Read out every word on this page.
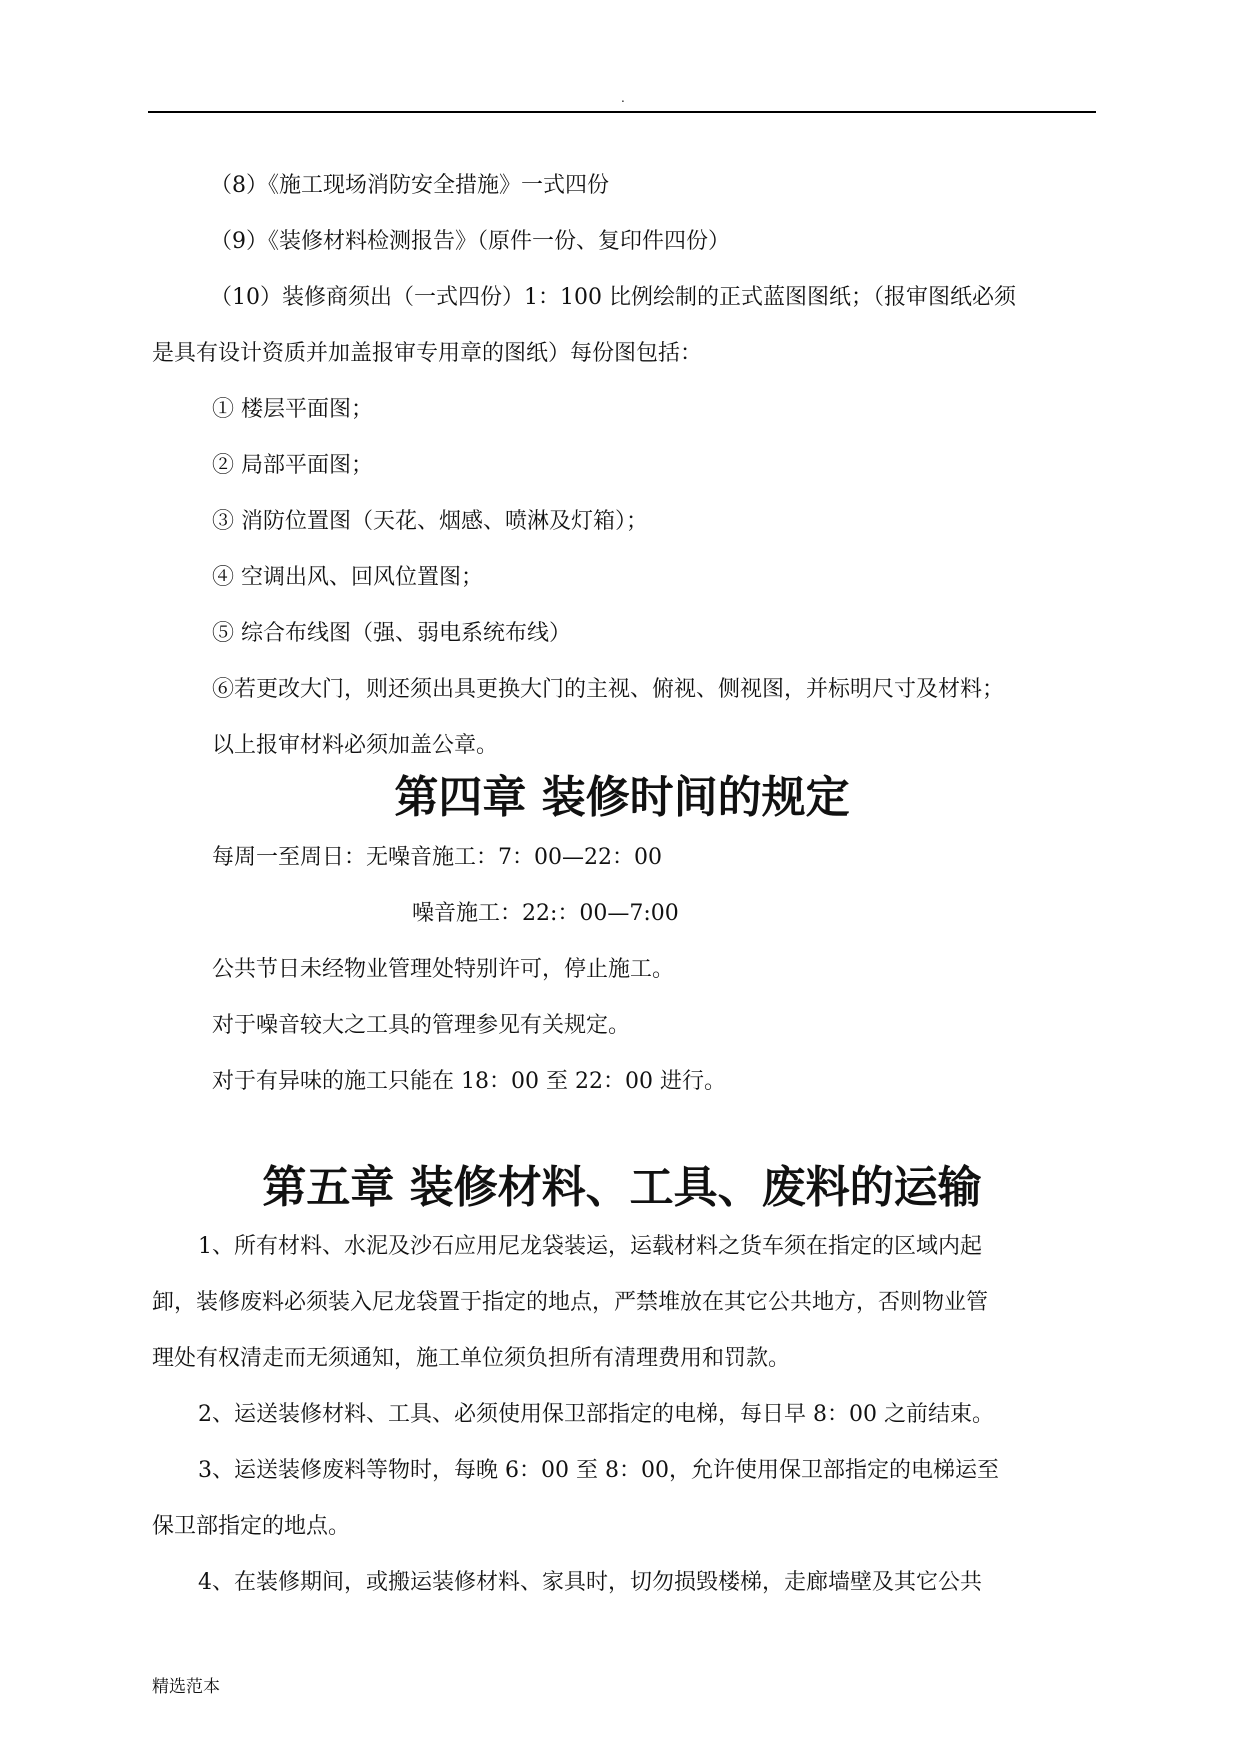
.
（8）《施工现场消防安全措施》一式四份
（9）《装修材料检测报告》（原件一份、复印件四份）
（10）装修商须出（一式四份）1：100 比例绘制的正式蓝图图纸；（报审图纸必须
是具有设计资质并加盖报审专用章的图纸）每份图包括：
① 楼层平面图；
② 局部平面图；
③ 消防位置图（天花、烟感、喷淋及灯箱）；
④ 空调出风、回风位置图；
⑤ 综合布线图（强、弱电系统布线）
⑥若更改大门，则还须出具更换大门的主视、俯视、侧视图，并标明尺寸及材料；
以上报审材料必须加盖公章。
第四章 装修时间的规定
每周一至周日：无噪音施工：7：00—22：00
噪音施工：22:：00—7:00
公共节日未经物业管理处特别许可，停止施工。
对于噪音较大之工具的管理参见有关规定。
对于有异味的施工只能在 18：00 至 22：00 进行。
第五章 装修材料、工具、废料的运输
1、所有材料、水泥及沙石应用尼龙袋装运，运载材料之货车须在指定的区域内起
卸，装修废料必须装入尼龙袋置于指定的地点，严禁堆放在其它公共地方，否则物业管
理处有权清走而无须通知，施工单位须负担所有清理费用和罚款。
2、运送装修材料、工具、必须使用保卫部指定的电梯，每日早 8：00 之前结束。
3、运送装修废料等物时，每晚 6：00 至 8：00，允许使用保卫部指定的电梯运至
保卫部指定的地点。
4、在装修期间，或搬运装修材料、家具时，切勿损毁楼梯，走廊墙壁及其它公共
精选范本
